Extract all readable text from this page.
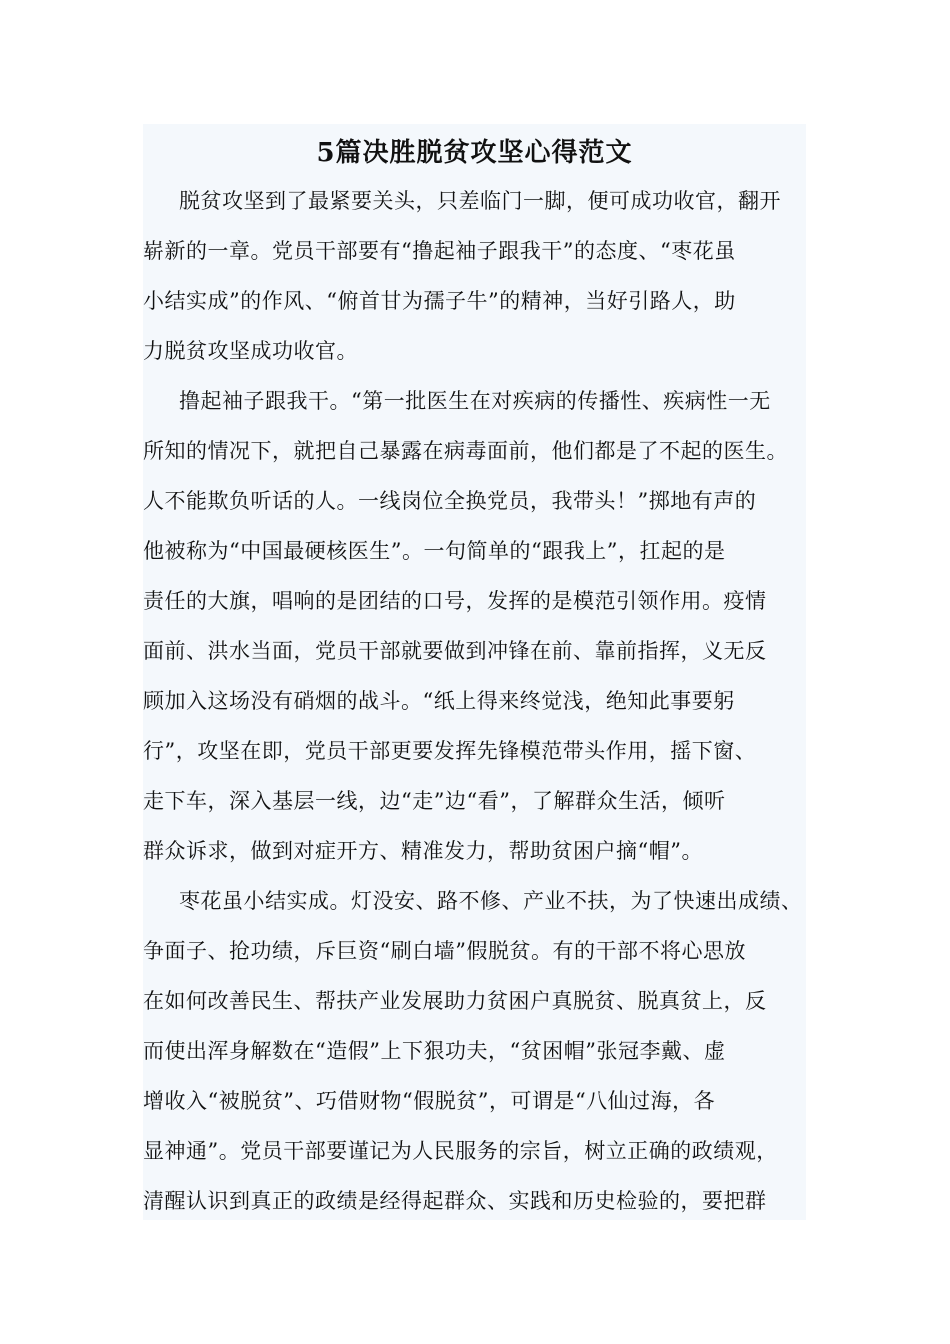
5篇决胜脱贫攻坚心得范文
脱贫攻坚到了最紧要关头，只差临门一脚，便可成功收官，翻开
崭新的一章。党员干部要有“撸起袖子跟我干”的态度、“枣花虽
小结实成”的作风、“俯首甘为孺子牛”的精神，当好引路人，助
力脱贫攻坚成功收官。
撸起袖子跟我干。“第一批医生在对疾病的传播性、疾病性一无
所知的情况下，就把自己暴露在病毒面前，他们都是了不起的医生。
人不能欺负听话的人。一线岗位全换党员，我带头！”掷地有声的
他被称为“中国最硬核医生”。一句简单的“跟我上”，扛起的是
责任的大旗，唱响的是团结的口号，发挥的是模范引领作用。疫情
面前、洪水当面，党员干部就要做到冲锋在前、靠前指挥，义无反
顾加入这场没有硝烟的战斗。“纸上得来终觉浅，绝知此事要躬
行”，攻坚在即，党员干部更要发挥先锋模范带头作用，摇下窗、
走下车，深入基层一线，边“走”边“看”，了解群众生活，倾听
群众诉求，做到对症开方、精准发力，帮助贫困户摘“帽”。
枣花虽小结实成。灯没安、路不修、产业不扶，为了快速出成绩、
争面子、抢功绩，斥巨资“刷白墙”假脱贫。有的干部不将心思放
在如何改善民生、帮扶产业发展助力贫困户真脱贫、脱真贫上，反
而使出浑身解数在“造假”上下狠功夫，“贫困帽”张冠李戴、虚
增收入“被脱贫”、巧借财物“假脱贫”，可谓是“八仙过海，各
显神通”。党员干部要谨记为人民服务的宗旨，树立正确的政绩观，
清醒认识到真正的政绩是经得起群众、实践和历史检验的，要把群
